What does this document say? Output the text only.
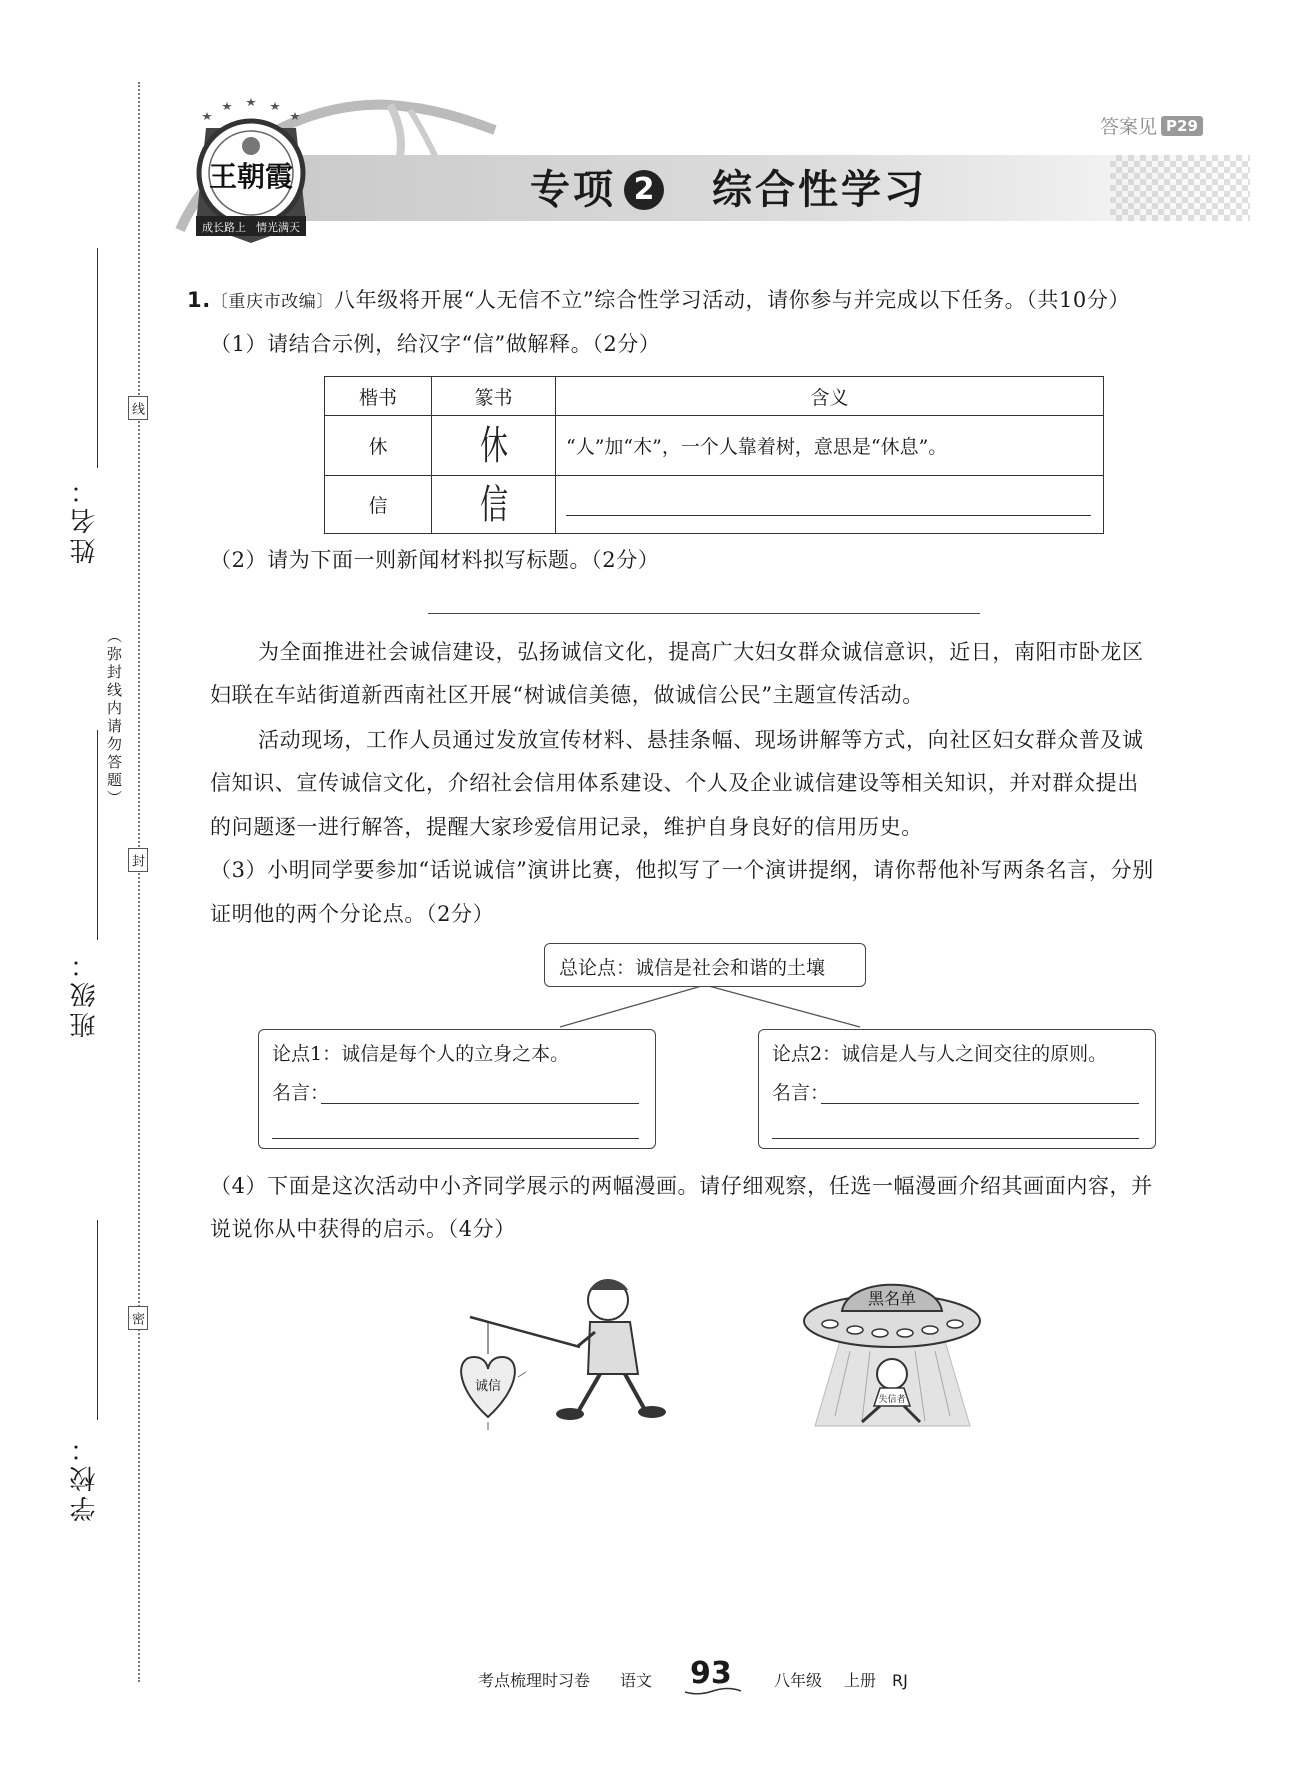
姓名：
班级：
学校：
线
封
密
（弥封线内请勿答题）
王朝霞
成长路上 情光满天
专项 2 综合性学习
答案见 P29
1.〔重庆市改编〕八年级将开展“人无信不立”综合性学习活动，请你参与并完成以下任务。（共10分）
（1）请结合示例，给汉字“信”做解释。（2分）
楷书	篆书	含义
休	休	“人”加“木”，一个人靠着树，意思是“休息”。
信	信	
（2）请为下面一则新闻材料拟写标题。（2分）
为全面推进社会诚信建设，弘扬诚信文化，提高广大妇女群众诚信意识，近日，南阳市卧龙区
妇联在车站街道新西南社区开展“树诚信美德，做诚信公民”主题宣传活动。
活动现场，工作人员通过发放宣传材料、悬挂条幅、现场讲解等方式，向社区妇女群众普及诚
信知识、宣传诚信文化，介绍社会信用体系建设、个人及企业诚信建设等相关知识，并对群众提出
的问题逐一进行解答，提醒大家珍爱信用记录，维护自身良好的信用历史。
（3）小明同学要参加“话说诚信”演讲比赛，他拟写了一个演讲提纲，请你帮他补写两条名言，分别
证明他的两个分论点。（2分）
总论点：诚信是社会和谐的土壤
论点1：诚信是每个人的立身之本。
名言：
论点2：诚信是人与人之间交往的原则。
名言：
（4）下面是这次活动中小齐同学展示的两幅漫画。请仔细观察，任选一幅漫画介绍其画面内容，并
说说你从中获得的启示。（4分）
诚信
黑名单
失信者
考点梳理时习卷 语文 93	八年级 上册 RJ
